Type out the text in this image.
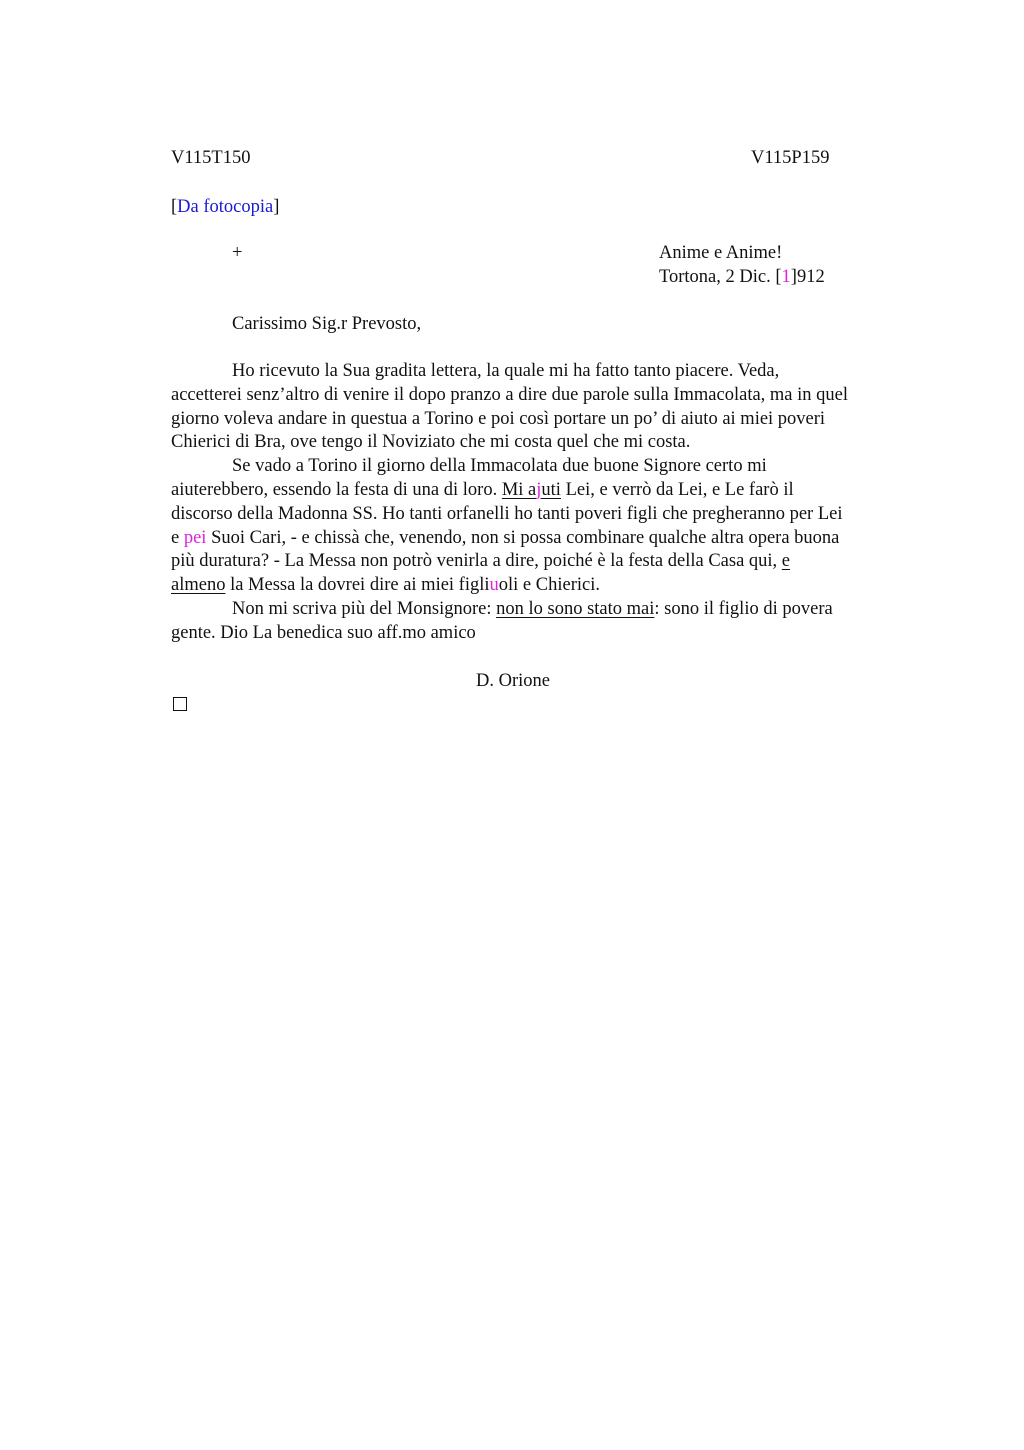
V115T150	V115P159
[Da fotocopia]
+	Anime e Anime!
Tortona, 2 Dic. [1]912
Carissimo Sig.r Prevosto,
Ho ricevuto la Sua gradita lettera, la quale mi ha fatto tanto piacere. Veda,
accetterei senz’altro di venire il dopo pranzo a dire due parole sulla Immacolata, ma in quel
giorno voleva andare in questua a Torino e poi così portare un po’ di aiuto ai miei poveri
Chierici di Bra, ove tengo il Noviziato che mi costa quel che mi costa.
Se vado a Torino il giorno della Immacolata due buone Signore certo mi
aiuterebbero, essendo la festa di una di loro. Mi ajuti Lei, e verrò da Lei, e Le farò il
discorso della Madonna SS. Ho tanti orfanelli ho tanti poveri figli che pregheranno per Lei
e pei Suoi Cari, - e chissà che, venendo, non si possa combinare qualche altra opera buona
più duratura? - La Messa non potrò venirla a dire, poiché è la festa della Casa qui, e
almeno la Messa la dovrei dire ai miei figliuoli e Chierici.
Non mi scriva più del Monsignore: non lo sono stato mai: sono il figlio di povera
gente. Dio La benedica suo aff.mo amico
D. Orione
